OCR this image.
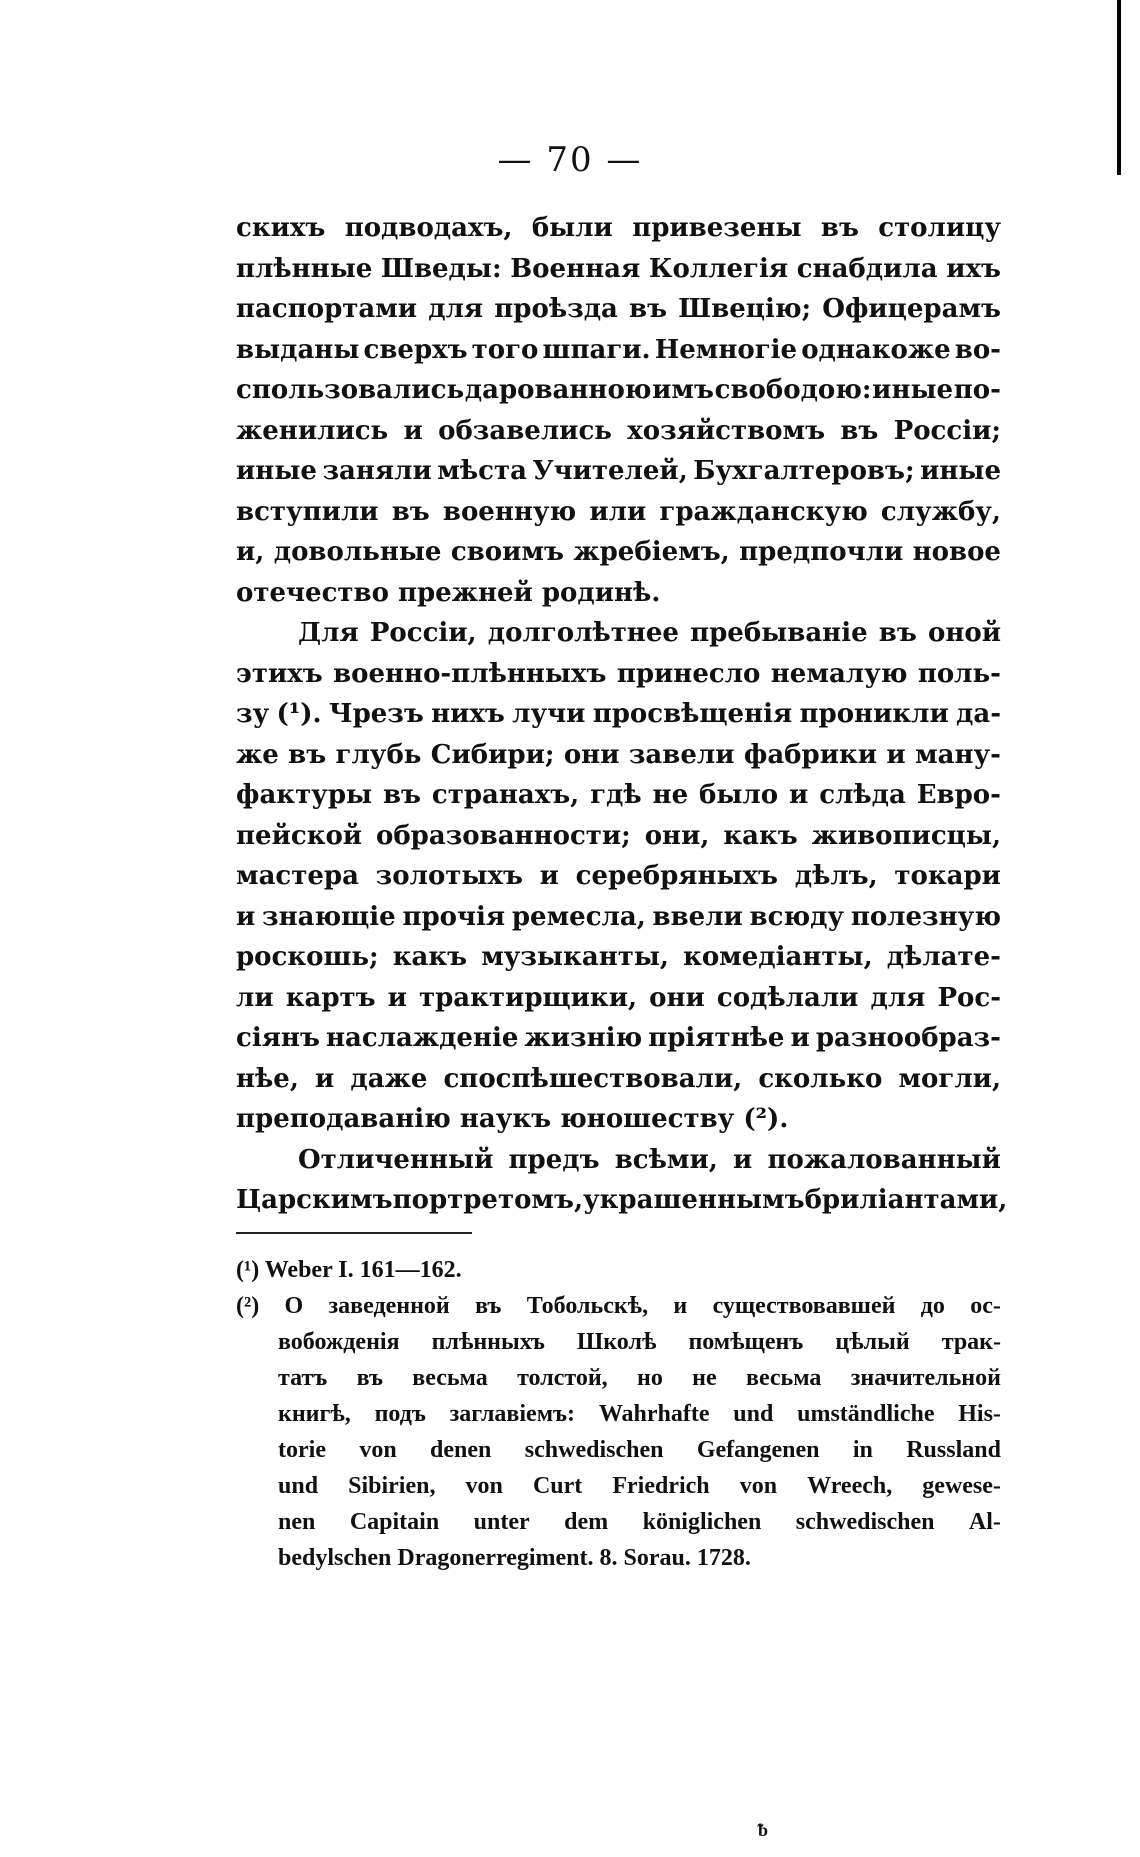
— 70 —
скихъ подводахъ, были привезены въ столицу
плѣнные Шведы: Военная Коллегія снабдила ихъ
паспортами для проѣзда въ Швецію; Офицерамъ
выданы сверхъ того шпаги. Немногіе однакоже во-
спользовались дарованною имъ свободою: иные по-
женились и обзавелись хозяйствомъ въ Россіи;
иные заняли мѣста Учителей, Бухгалтеровъ; иные
вступили въ военную или гражданскую службу,
и, довольные своимъ жребіемъ, предпочли новое
отечество прежней родинѣ.
Для Россіи, долголѣтнее пребываніе въ оной
этихъ военно-плѣнныхъ принесло немалую поль-
зу (¹). Чрезъ нихъ лучи просвѣщенія проникли да-
же въ глубь Сибири; они завели фабрики и ману-
фактуры въ странахъ, гдѣ не было и слѣда Евро-
пейской образованности; они, какъ живописцы,
мастера золотыхъ и серебряныхъ дѣлъ, токари
и знающіе прочія ремесла, ввели всюду полезную
роскошь; какъ музыканты, комедіанты, дѣлате-
ли картъ и трактирщики, они содѣлали для Рос-
сіянъ наслажденіе жизнію пріятнѣе и разнообраз-
нѣе, и даже споспѣшествовали, сколько могли,
преподаванію наукъ юношеству (²).
Отличенный предъ всѣми, и пожалованный
Царскимъ портретомъ, украшеннымъ бриліантами,
(¹) Weber I. 161—162.
(²) О заведенной въ Тобольскѣ, и существовавшей до ос-
вобожденія плѣнныхъ Школѣ помѣщенъ цѣлый трак-
татъ въ весьма толстой, но не весьма значительной
книгѣ, подъ заглавіемъ: Wahrhafte und umständliche His-
torie von denen schwedischen Gefangenen in Russland
und Sibirien, von Curt Friedrich von Wreech, gewese-
nen Capitain unter dem königlichen schwedischen Al-
bedylschen Dragonerregiment. 8. Sorau. 1728.
ᵬ
